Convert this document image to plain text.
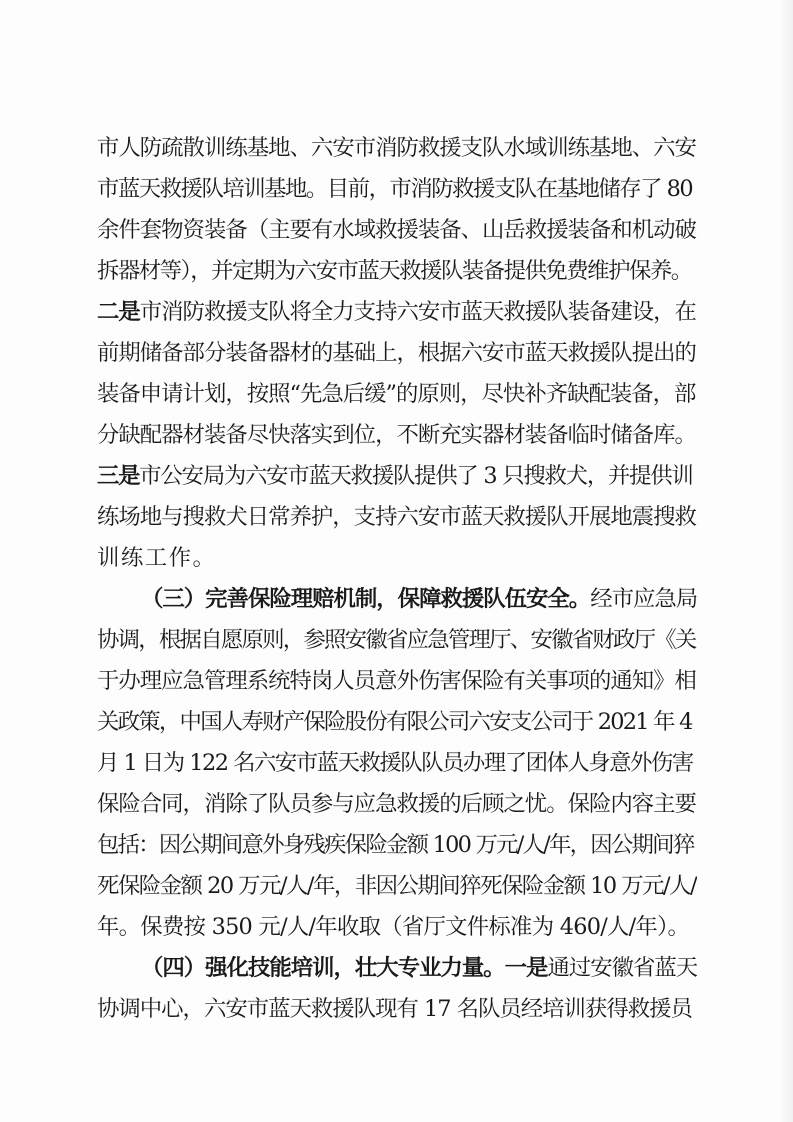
市人防疏散训练基地、六安市消防救援支队水域训练基地、六安
市蓝天救援队培训基地。目前，市消防救援支队在基地储存了 80
余件套物资装备（主要有水域救援装备、山岳救援装备和机动破
拆器材等），并定期为六安市蓝天救援队装备提供免费维护保养。
二是市消防救援支队将全力支持六安市蓝天救援队装备建设，在
前期储备部分装备器材的基础上，根据六安市蓝天救援队提出的
装备申请计划，按照“先急后缓”的原则，尽快补齐缺配装备，部
分缺配器材装备尽快落实到位，不断充实器材装备临时储备库。
三是市公安局为六安市蓝天救援队提供了 3 只搜救犬，并提供训
练场地与搜救犬日常养护，支持六安市蓝天救援队开展地震搜救
训练工作。
（三）完善保险理赔机制，保障救援队伍安全。经市应急局
协调，根据自愿原则，参照安徽省应急管理厅、安徽省财政厅《关
于办理应急管理系统特岗人员意外伤害保险有关事项的通知》相
关政策，中国人寿财产保险股份有限公司六安支公司于 2021 年 4
月 1 日为 122 名六安市蓝天救援队队员办理了团体人身意外伤害
保险合同，消除了队员参与应急救援的后顾之忧。保险内容主要
包括：因公期间意外身残疾保险金额 100 万元/人/年，因公期间猝
死保险金额 20 万元/人/年，非因公期间猝死保险金额 10 万元/人/
年。保费按 350 元/人/年收取（省厅文件标准为 460/人/年）。
（四）强化技能培训，壮大专业力量。一是通过安徽省蓝天
协调中心，六安市蓝天救援队现有 17 名队员经培训获得救援员
